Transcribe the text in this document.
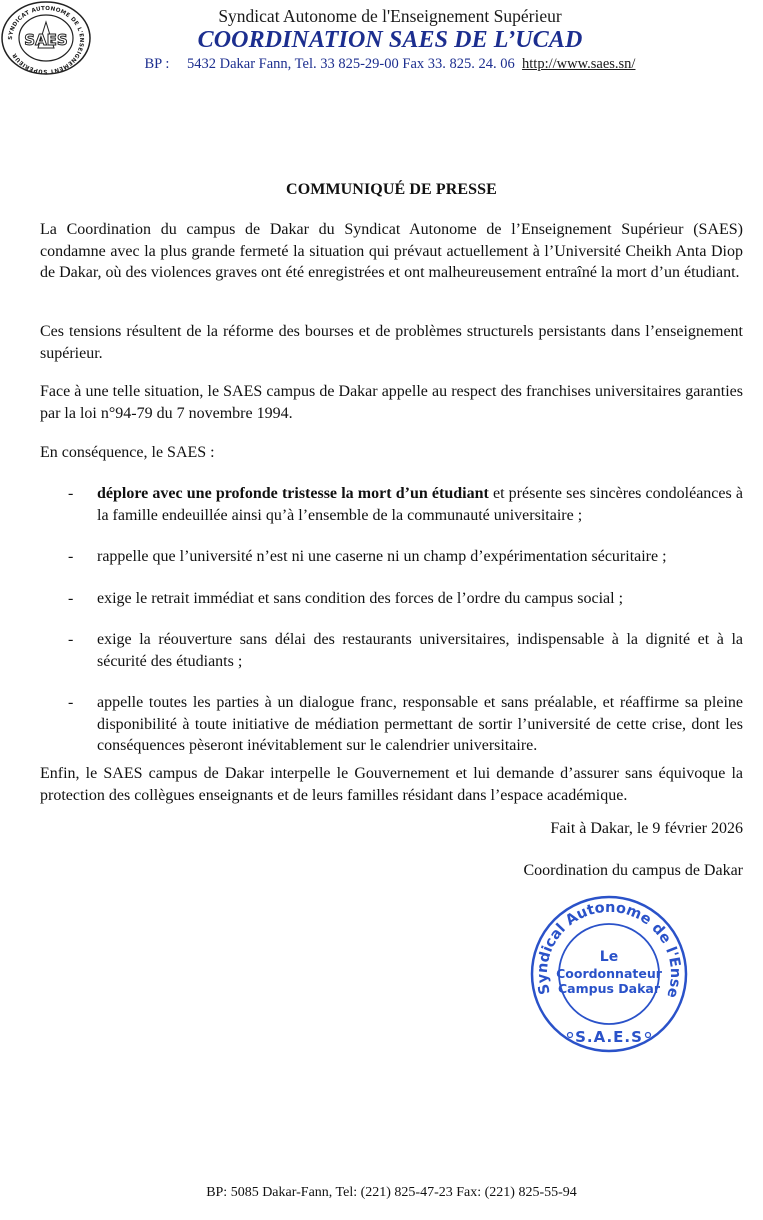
SYNDICAT AUTONOME DE L'ENSEIGNEMENT SUPERIEUR
SAES
Syndicat Autonome de l'Enseignement Supérieur
COORDINATION SAES DE L’UCAD
BP : 5432 Dakar Fann, Tel. 33 825-29-00 Fax 33. 825. 24. 06 http://www.saes.sn/
COMMUNIQUÉ DE PRESSE
La Coordination du campus de Dakar du Syndicat Autonome de l’Enseignement Supérieur (SAES) condamne avec la plus grande fermeté la situation qui prévaut actuellement à l’Université Cheikh Anta Diop de Dakar, où des violences graves ont été enregistrées et ont malheureusement entraîné la mort d’un étudiant.
Ces tensions résultent de la réforme des bourses et de problèmes structurels persistants dans l’enseignement supérieur.
Face à une telle situation, le SAES campus de Dakar appelle au respect des franchises universitaires garanties par la loi n°94-79 du 7 novembre 1994.
En conséquence, le SAES :
- déplore avec une profonde tristesse la mort d’un étudiant et présente ses sincères condoléances à la famille endeuillée ainsi qu’à l’ensemble de la communauté universitaire ;
- rappelle que l’université n’est ni une caserne ni un champ d’expérimentation sécuritaire ;
- exige le retrait immédiat et sans condition des forces de l’ordre du campus social ;
- exige la réouverture sans délai des restaurants universitaires, indispensable à la dignité et à la sécurité des étudiants ;
- appelle toutes les parties à un dialogue franc, responsable et sans préalable, et réaffirme sa pleine disponibilité à toute initiative de médiation permettant de sortir l’université de cette crise, dont les conséquences pèseront inévitablement sur le calendrier universitaire.
Enfin, le SAES campus de Dakar interpelle le Gouvernement et lui demande d’assurer sans équivoque la protection des collègues enseignants et de leurs familles résidant dans l’espace académique.
Fait à Dakar, le 9 février 2026
Coordination du campus de Dakar
Syndical Autonome de l'Ense
Le
Coordonnateur
Campus Dakar
S.A.E.S
BP: 5085 Dakar-Fann, Tel: (221) 825-47-23 Fax: (221) 825-55-94
